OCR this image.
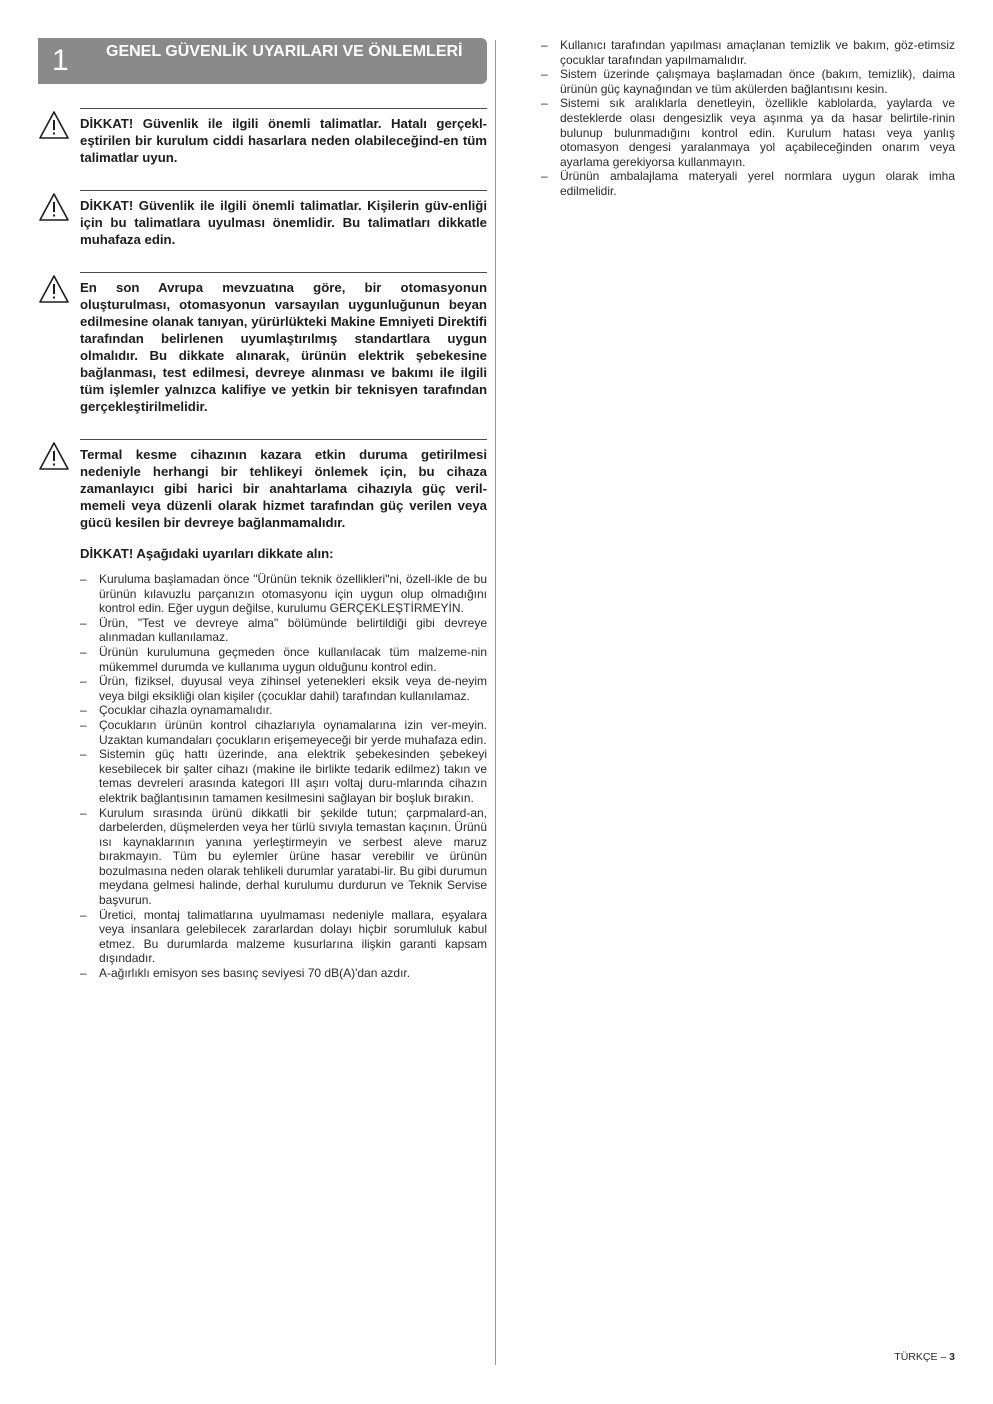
1 GENEL GÜVENLİK UYARILARI VE ÖNLEMLERİ

DİKKAT! Güvenlik ile ilgili önemli talimatlar. Hatalı gerçekl-eştirilen bir kurulum ciddi hasarlara neden olabileceğind-en tüm talimatlar uyun.

DİKKAT! Güvenlik ile ilgili önemli talimatlar. Kişilerin güv-enliği için bu talimatlara uyulması önemlidir. Bu talimatları dikkatle muhafaza edin.

En son Avrupa mevzuatına göre, bir otomasyonun oluşturulması, otomasyonun varsayılan uygunluğunun beyan edilmesine olanak tanıyan, yürürlükteki Makine Emniyeti Direktifi tarafından belirlenen uyumlaştırılmış standartlara uygun olmalıdır. Bu dikkate alınarak, ürünün elektrik şebekesine bağlanması, test edilmesi, devreye alınması ve bakımı ile ilgili tüm işlemler yalnızca kalifiye ve yetkin bir teknisyen tarafından gerçekleştirilmelidir.

Termal kesme cihazının kazara etkin duruma getirilmesi nedeniyle herhangi bir tehlikeyi önlemek için, bu cihaza zamanlayıcı gibi harici bir anahtarlama cihazıyla güç veril-memeli veya düzenli olarak hizmet tarafından güç verilen veya gücü kesilen bir devreye bağlanmamalıdır.

DİKKAT! Aşağıdaki uyarıları dikkate alın:
– Kuruluma başlamadan önce "Ürünün teknik özellikleri"ni, özell-ikle de bu ürünün kılavuzlu parçanızın otomasyonu için uygun olup olmadığını kontrol edin. Eğer uygun değilse, kurulumu GERÇEKLEŞTİRMEYİN.
– Ürün, "Test ve devreye alma" bölümünde belirtildiği gibi devreye alınmadan kullanılamaz.
– Ürünün kurulumuna geçmeden önce kullanılacak tüm malzeme-nin mükemmel durumda ve kullanıma uygun olduğunu kontrol edin.
– Ürün, fiziksel, duyusal veya zihinsel yetenekleri eksik veya de-neyim veya bilgi eksikliği olan kişiler (çocuklar dahil) tarafından kullanılamaz.
– Çocuklar cihazla oynamamalıdır.
– Çocukların ürünün kontrol cihazlarıyla oynamalarına izin ver-meyin. Uzaktan kumandaları çocukların erişemeyeceği bir yerde muhafaza edin.
– Sistemin güç hattı üzerinde, ana elektrik şebekesinden şebekeyi kesebilecek bir şalter cihazı (makine ile birlikte tedarik edilmez) takın ve temas devreleri arasında kategori III aşırı voltaj duru-mlarında cihazın elektrik bağlantısının tamamen kesilmesini sağlayan bir boşluk bırakın.
– Kurulum sırasında ürünü dikkatli bir şekilde tutun; çarpmalard-an, darbelerden, düşmelerden veya her türlü sıvıyla temastan kaçının. Ürünü ısı kaynaklarının yanına yerleştirmeyin ve serbest aleve maruz bırakmayın. Tüm bu eylemler ürüne hasar verebilir ve ürünün bozulmasına neden olarak tehlikeli durumlar yaratabi-lir. Bu gibi durumun meydana gelmesi halinde, derhal kurulumu durdurun ve Teknik Servise başvurun.
– Üretici, montaj talimatlarına uyulmaması nedeniyle mallara, eşyalara veya insanlara gelebilecek zararlardan dolayı hiçbir sorumluluk kabul etmez. Bu durumlarda malzeme kusurlarına ilişkin garanti kapsam dışındadır.
– A-ağırlıklı emisyon ses basınç seviyesi 70 dB(A)'dan azdır.
– Kullanıcı tarafından yapılması amaçlanan temizlik ve bakım, göz-etimsiz çocuklar tarafından yapılmamalıdır.
– Sistem üzerinde çalışmaya başlamadan önce (bakım, temizlik), daima ürünün güç kaynağından ve tüm akülerden bağlantısını kesin.
– Sistemi sık aralıklarla denetleyin, özellikle kablolarda, yaylarda ve desteklerde olası dengesizlik veya aşınma ya da hasar belirtile-rinin bulunup bulunmadığını kontrol edin. Kurulum hatası veya yanlış otomasyon dengesi yaralanmaya yol açabileceğinden onarım veya ayarlama gerekiyorsa kullanmayın.
– Ürünün ambalajlama materyali yerel normlara uygun olarak imha edilmelidir.
TÜRKÇE – 3
